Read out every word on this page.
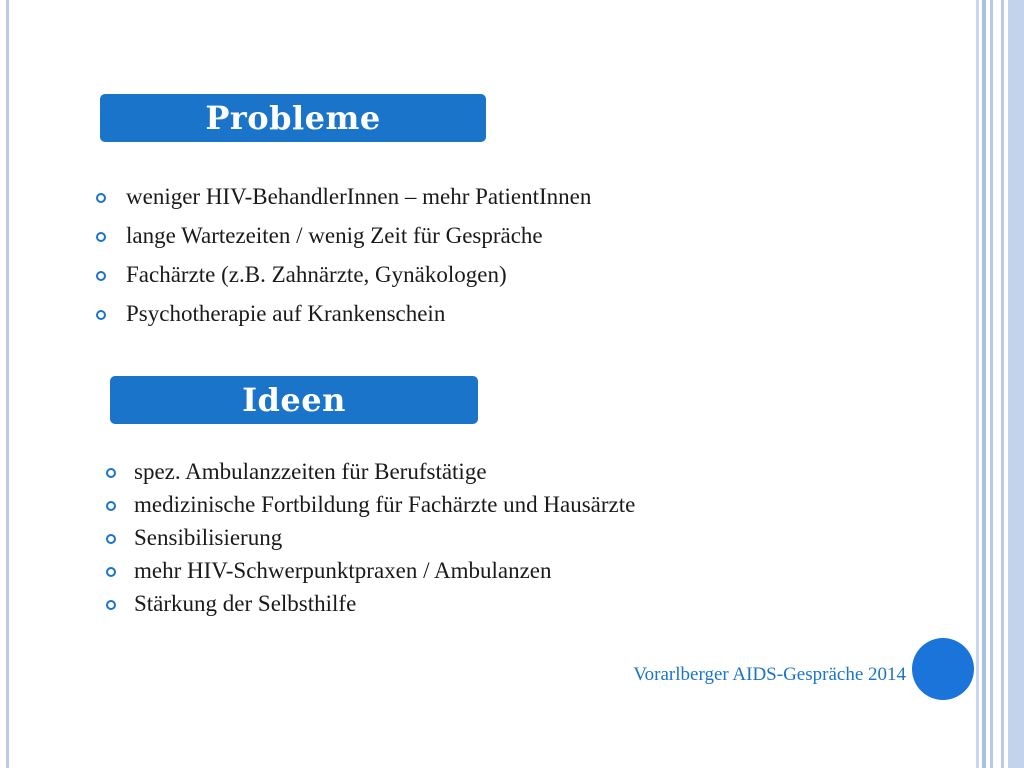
Probleme
weniger HIV-BehandlerInnen – mehr PatientInnen
lange Wartezeiten / wenig Zeit für Gespräche
Fachärzte (z.B. Zahnärzte, Gynäkologen)
Psychotherapie auf Krankenschein
Ideen
spez. Ambulanzzeiten für Berufstätige
medizinische Fortbildung für Fachärzte und Hausärzte
Sensibilisierung
mehr HIV-Schwerpunktpraxen / Ambulanzen
Stärkung der Selbsthilfe
Vorarlberger AIDS-Gespräche 2014
